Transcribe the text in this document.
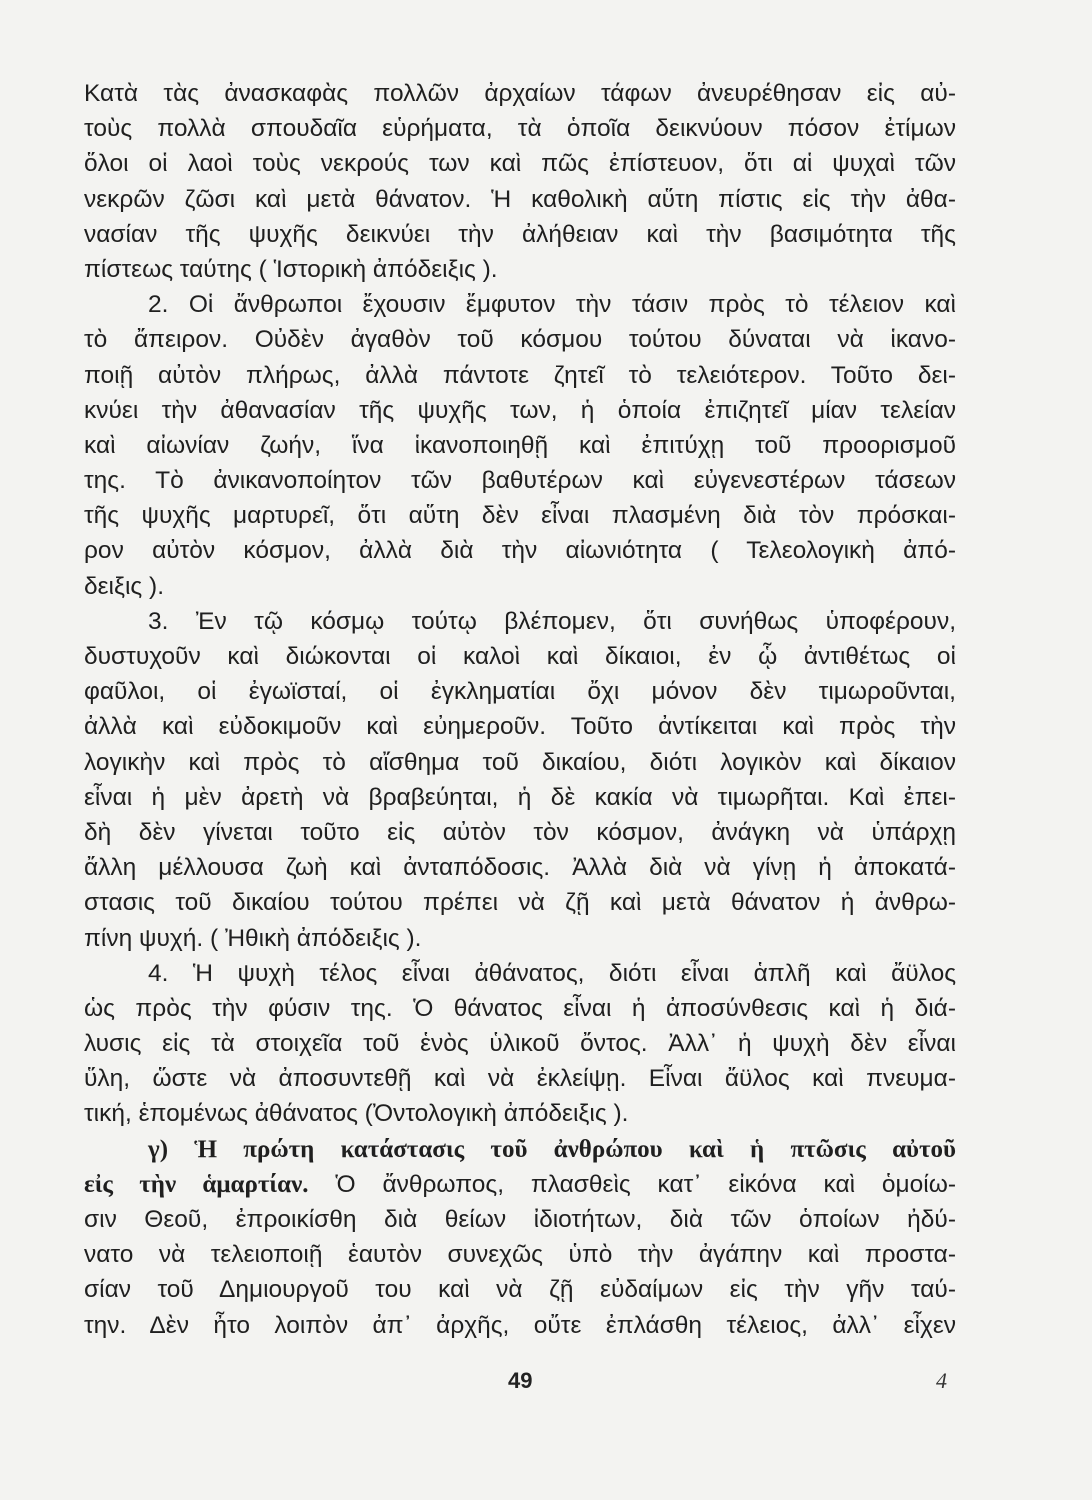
Κατὰ τὰς ἀνασκαφὰς πολλῶν ἀρχαίων τάφων ἀνευρέθησαν εἰς αὐ-
τοὺς πολλὰ σπουδαῖα εὑρήματα, τὰ ὁποῖα δεικνύουν πόσον ἐτίμων
ὅλοι οἱ λαοὶ τοὺς νεκρούς των καὶ πῶς ἐπίστευον, ὅτι αἱ ψυχαὶ τῶν
νεκρῶν ζῶσι καὶ μετὰ θάνατον. Ἡ καθολικὴ αὕτη πίστις εἰς τὴν ἀθα-
νασίαν τῆς ψυχῆς δεικνύει τὴν ἀλήθειαν καὶ τὴν βασιμότητα τῆς
πίστεως ταύτης ( Ἱστορικὴ ἀπόδειξις ).
2. Οἱ ἄνθρωποι ἔχουσιν ἔμφυτον τὴν τάσιν πρὸς τὸ τέλειον καὶ
τὸ ἄπειρον. Οὐδὲν ἀγαθὸν τοῦ κόσμου τούτου δύναται νὰ ἱκανο-
ποιῇ αὐτὸν πλήρως, ἀλλὰ πάντοτε ζητεῖ τὸ τελειότερον. Τοῦτο δει-
κνύει τὴν ἀθανασίαν τῆς ψυχῆς των, ἡ ὁποία ἐπιζητεῖ μίαν τελείαν
καὶ αἰωνίαν ζωήν, ἵνα ἱκανοποιηθῇ καὶ ἐπιτύχῃ τοῦ προορισμοῦ
της. Τὸ ἀνικανοποίητον τῶν βαθυτέρων καὶ εὐγενεστέρων τάσεων
τῆς ψυχῆς μαρτυρεῖ, ὅτι αὕτη δὲν εἶναι πλασμένη διὰ τὸν πρόσκαι-
ρον αὐτὸν κόσμον, ἀλλὰ διὰ τὴν αἰωνιότητα ( Τελεολογικὴ ἀπό-
δειξις ).
3. Ἐν τῷ κόσμῳ τούτῳ βλέπομεν, ὅτι συνήθως ὑποφέρουν,
δυστυχοῦν καὶ διώκονται οἱ καλοὶ καὶ δίκαιοι, ἐν ᾧ ἀντιθέτως οἱ
φαῦλοι, οἱ ἐγωϊσταί, οἱ ἐγκληματίαι ὄχι μόνον δὲν τιμωροῦνται,
ἀλλὰ καὶ εὐδοκιμοῦν καὶ εὐημεροῦν. Τοῦτο ἀντίκειται καὶ πρὸς τὴν
λογικὴν καὶ πρὸς τὸ αἴσθημα τοῦ δικαίου, διότι λογικὸν καὶ δίκαιον
εἶναι ἡ μὲν ἀρετὴ νὰ βραβεύηται, ἡ δὲ κακία νὰ τιμωρῆται. Καὶ ἐπει-
δὴ δὲν γίνεται τοῦτο εἰς αὐτὸν τὸν κόσμον, ἀνάγκη νὰ ὑπάρχῃ
ἄλλη μέλλουσα ζωὴ καὶ ἀνταπόδοσις. Ἀλλὰ διὰ νὰ γίνῃ ἡ ἀποκατά-
στασις τοῦ δικαίου τούτου πρέπει νὰ ζῇ καὶ μετὰ θάνατον ἡ ἀνθρω-
πίνη ψυχή. ( Ἠθικὴ ἀπόδειξις ).
4. Ἡ ψυχὴ τέλος εἶναι ἀθάνατος, διότι εἶναι ἁπλῆ καὶ ἄϋλος
ὡς πρὸς τὴν φύσιν της. Ὁ θάνατος εἶναι ἡ ἀποσύνθεσις καὶ ἡ διά-
λυσις εἰς τὰ στοιχεῖα τοῦ ἑνὸς ὑλικοῦ ὄντος. Ἀλλ᾿ ἡ ψυχὴ δὲν εἶναι
ὕλη, ὥστε νὰ ἀποσυντεθῇ καὶ νὰ ἐκλείψῃ. Εἶναι ἄϋλος καὶ πνευμα-
τική, ἑπομένως ἀθάνατος (Ὀντολογικὴ ἀπόδειξις ).
γ) Ἡ πρώτη κατάστασις τοῦ ἀνθρώπου καὶ ἡ πτῶσις αὐτοῦ
εἰς τὴν ἁμαρτίαν. Ὁ ἄνθρωπος, πλασθεὶς κατ᾿ εἰκόνα καὶ ὁμοίω-
σιν Θεοῦ, ἐπροικίσθη διὰ θείων ἰδιοτήτων, διὰ τῶν ὁποίων ἠδύ-
νατο νὰ τελειοποιῇ ἑαυτὸν συνεχῶς ὑπὸ τὴν ἀγάπην καὶ προστα-
σίαν τοῦ Δημιουργοῦ του καὶ νὰ ζῇ εὐδαίμων εἰς τὴν γῆν ταύ-
την. Δὲν ἦτο λοιπὸν ἀπ᾿ ἀρχῆς, οὔτε ἐπλάσθη τέλειος, ἀλλ᾿ εἶχεν
49	4
